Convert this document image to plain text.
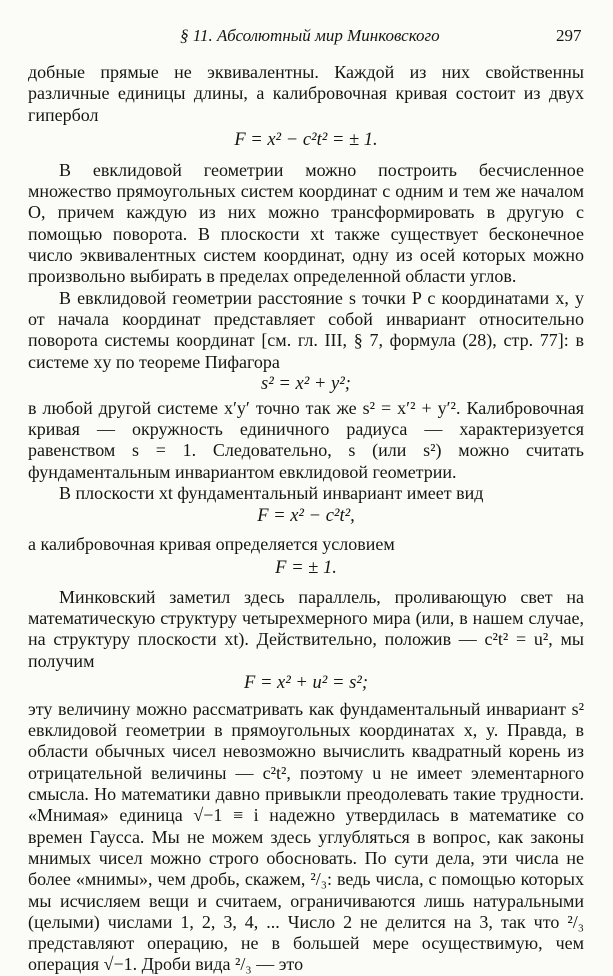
§ 11. Абсолютный мир Минковского	297

добные прямые не эквивалентны. Каждой из них свойственны различные единицы длины, а калибровочная кривая состоит из двух гипербол

F = x² − c²t² = ± 1.

В евклидовой геометрии можно построить бесчисленное множество прямоугольных систем координат с одним и тем же началом O, причем каждую из них можно трансформировать в другую с помощью поворота. В плоскости xt также существует бесконечное число эквивалентных систем координат, одну из осей которых можно произвольно выбирать в пределах определенной области углов.

В евклидовой геометрии расстояние s точки P с координатами x, y от начала координат представляет собой инвариант относительно поворота системы координат [см. гл. III, § 7, формула (28), стр. 77]: в системе xy по теореме Пифагора

s² = x² + y²;

в любой другой системе x′y′ точно так же s² = x′² + y′². Калибровочная кривая — окружность единичного радиуса — характеризуется равенством s = 1. Следовательно, s (или s²) можно считать фундаментальным инвариантом евклидовой геометрии.

В плоскости xt фундаментальный инвариант имеет вид

F = x² − c²t²,

а калибровочная кривая определяется условием

F = ± 1.

Минковский заметил здесь параллель, проливающую свет на математическую структуру четырехмерного мира (или, в нашем случае, на структуру плоскости xt). Действительно, положив — c²t² = u², мы получим

F = x² + u² = s²;

эту величину можно рассматривать как фундаментальный инвариант s² евклидовой геометрии в прямоугольных координатах x, y. Правда, в области обычных чисел невозможно вычислить квадратный корень из отрицательной величины — c²t², поэтому u не имеет элементарного смысла. Но математики давно привыкли преодолевать такие трудности. «Мнимая» единица √−1 ≡ i надежно утвердилась в математике со времен Гаусса. Мы не можем здесь углубляться в вопрос, как законы мнимых чисел можно строго обосновать. По сути дела, эти числа не более «мнимы», чем дробь, скажем, ²/₃: ведь числа, с помощью которых мы исчисляем вещи и считаем, ограничиваются лишь натуральными (целыми) числами 1, 2, 3, 4, ... Число 2 не делится на 3, так что ²/₃ представляют операцию, не в большей мере осуществимую, чем операция √−1. Дроби вида ²/₃ — это
